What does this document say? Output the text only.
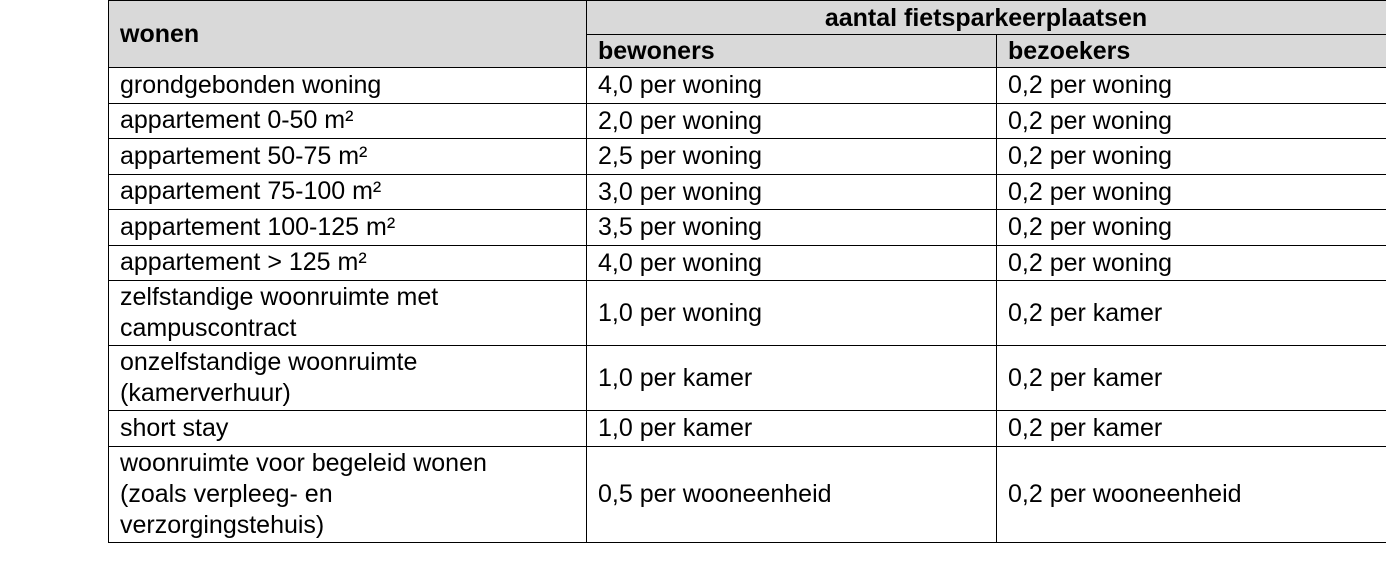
wonen	aantal fietsparkeerplaatsen	
	bewoners	bezoekers
grondgebonden woning	4,0 per woning	0,2 per woning
appartement 0-50 m²	2,0 per woning	0,2 per woning
appartement 50-75 m²	2,5 per woning	0,2 per woning
appartement 75-100 m²	3,0 per woning	0,2 per woning
appartement 100-125 m²	3,5 per woning	0,2 per woning
appartement > 125 m²	4,0 per woning	0,2 per woning

zelfstandige woonruimte met
campuscontract	1,0 per woning	0,2 per kamer

onzelfstandige woonruimte
(kamerverhuur)	1,0 per kamer	0,2 per kamer
short stay	1,0 per kamer	0,2 per kamer

woonruimte voor begeleid wonen
(zoals verpleeg- en
verzorgingstehuis)	0,5 per wooneenheid	0,2 per wooneenheid
